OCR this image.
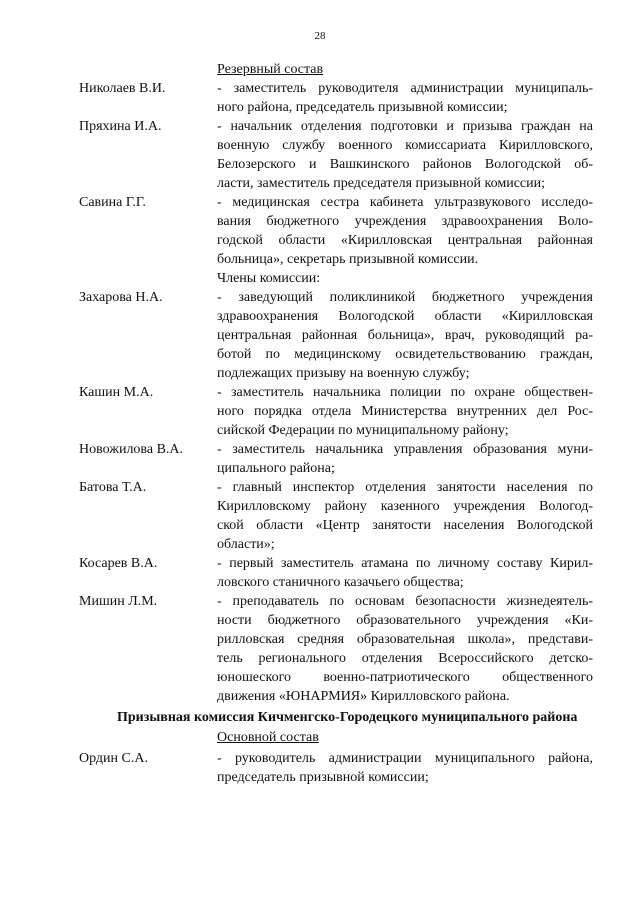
28
Резервный состав
Николаев В.И.	- заместитель руководителя администрации муниципаль-
ного района, председатель призывной комиссии;
Пряхина И.А.	- начальник отделения подготовки и призыва граждан на
военную службу военного комиссариата Кирилловского,
Белозерского и Вашкинского районов Вологодской об-
ласти, заместитель председателя призывной комиссии;
Савина Г.Г.	- медицинская сестра кабинета ультразвукового исследо-
вания бюджетного учреждения здравоохранения Воло-
годской области «Кирилловская центральная районная
больница», секретарь призывной комиссии.
Члены комиссии:
Захарова Н.А.	- заведующий поликлиникой бюджетного учреждения
здравоохранения Вологодской области «Кирилловская
центральная районная больница», врач, руководящий ра-
ботой по медицинскому освидетельствованию граждан,
подлежащих призыву на военную службу;
Кашин М.А.	- заместитель начальника полиции по охране обществен-
ного порядка отдела Министерства внутренних дел Рос-
сийской Федерации по муниципальному району;
Новожилова В.А.	- заместитель начальника управления образования муни-
ципального района;
Батова Т.А.	- главный инспектор отделения занятости населения по
Кирилловскому району казенного учреждения Вологод-
ской области «Центр занятости населения Вологодской
области»;
Косарев В.А.	- первый заместитель атамана по личному составу Кирил-
ловского станичного казачьего общества;
Мишин Л.М.	- преподаватель по основам безопасности жизнедеятель-
ности бюджетного образовательного учреждения «Ки-
рилловская средняя образовательная школа», представи-
тель регионального отделения Всероссийского детско-
юношеского военно-патриотического общественного
движения «ЮНАРМИЯ» Кирилловского района.
Призывная комиссия Кичменгско-Городецкого муниципального района
Основной состав
Ордин С.А.	- руководитель администрации муниципального района,
председатель призывной комиссии;
